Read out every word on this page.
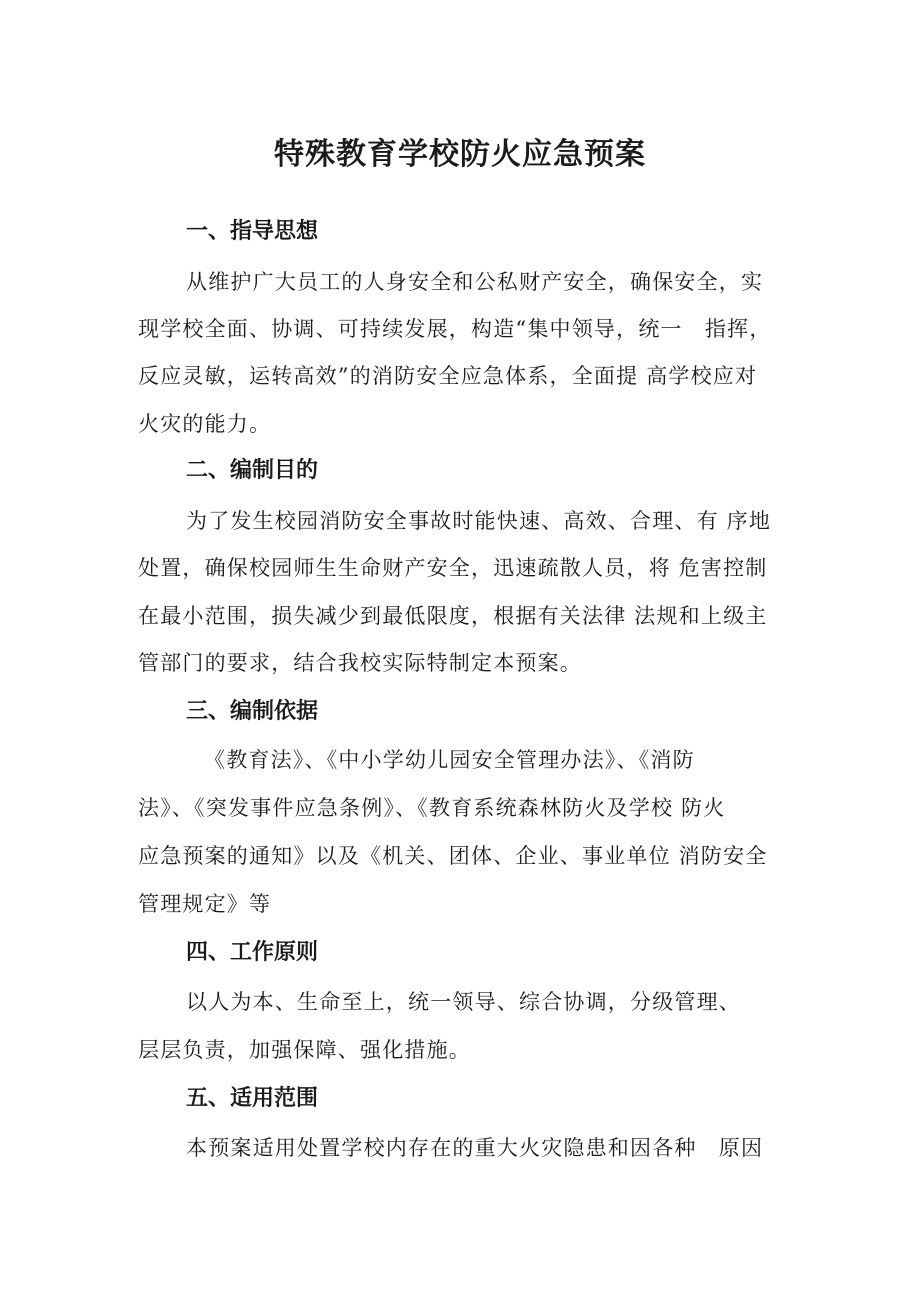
特殊教育学校防火应急预案
一、指导思想

从维护广大员工的人身安全和公私财产安全，确保安全，实

现学校全面、协调、可持续发展，构造“集中领导，统一　指挥，

反应灵敏，运转高效”的消防安全应急体系，全面提 高学校应对

火灾的能力。

二、编制目的

为了发生校园消防安全事故时能快速、高效、合理、有 序地

处置，确保校园师生生命财产安全，迅速疏散人员，将 危害控制

在最小范围，损失减少到最低限度，根据有关法律 法规和上级主

管部门的要求，结合我校实际特制定本预案。

三、编制依据

《教育法》、《中小学幼儿园安全管理办法》、《消防

法》、《突发事件应急条例》、《教育系统森林防火及学校 防火

应急预案的通知》以及《机关、团体、企业、事业单位 消防安全

管理规定》等

四、工作原则

以人为本、生命至上，统一领导、综合协调，分级管理、

层层负责，加强保障、强化措施。

五、适用范围

本预案适用处置学校内存在的重大火灾隐患和因各种　原因
